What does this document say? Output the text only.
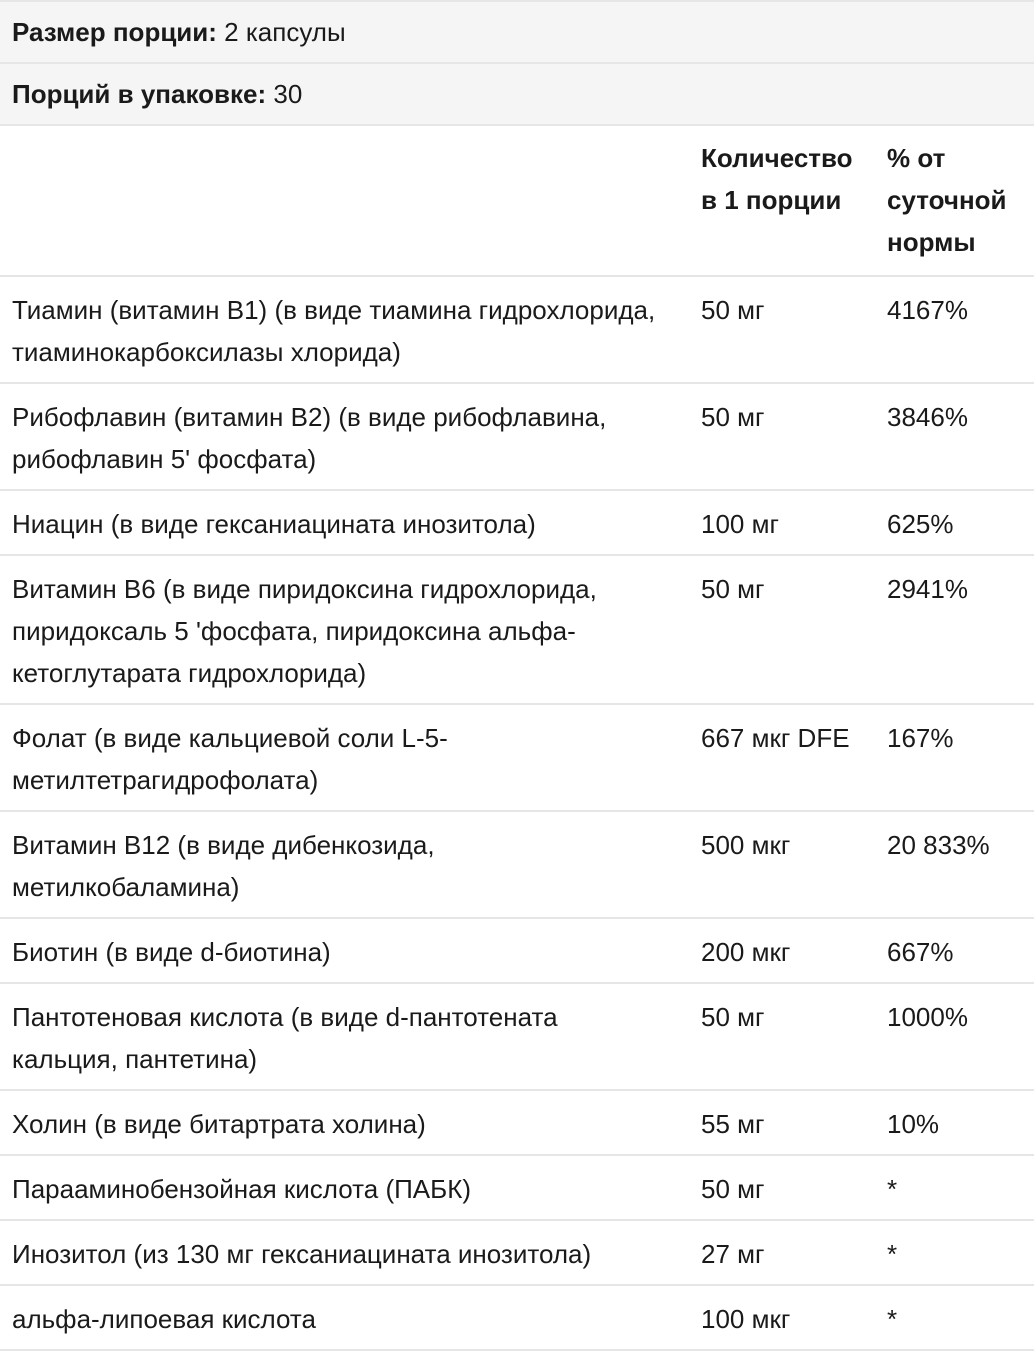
Размер порции:
2 капсулы
Порций в упаковке:
30
	Количество в 1 порции	% от суточной нормы
Тиамин (витамин B1) (в виде тиамина гидрохлорида, тиаминокарбоксилазы хлорида)	50 мг	4167%
Рибофлавин (витамин B2) (в виде рибофлавина, рибофлавин 5' фосфата)	50 мг	3846%
Ниацин (в виде гексаниацината инозитола)	100 мг	625%
Витамин B6 (в виде пиридоксина гидрохлорида, пиридоксаль 5 'фосфата, пиридоксина альфа-кетоглутарата гидрохлорида)	50 мг	2941%
Фолат (в виде кальциевой соли L-5-метилтетрагидрофолата)	667 мкг DFE	167%
Витамин B12 (в виде дибенкозида, метилкобаламина)	500 мкг	20 833%
Биотин (в виде d-биотина)	200 мкг	667%
Пантотеновая кислота (в виде d-пантотената кальция, пантетина)	50 мг	1000%
Холин (в виде битартрата холина)	55 мг	10%
Парааминобензойная кислота (ПАБК)	50 мг	*
Инозитол (из 130 мг гексаниацината инозитола)	27 мг	*
альфа-липоевая кислота	100 мкг	*
